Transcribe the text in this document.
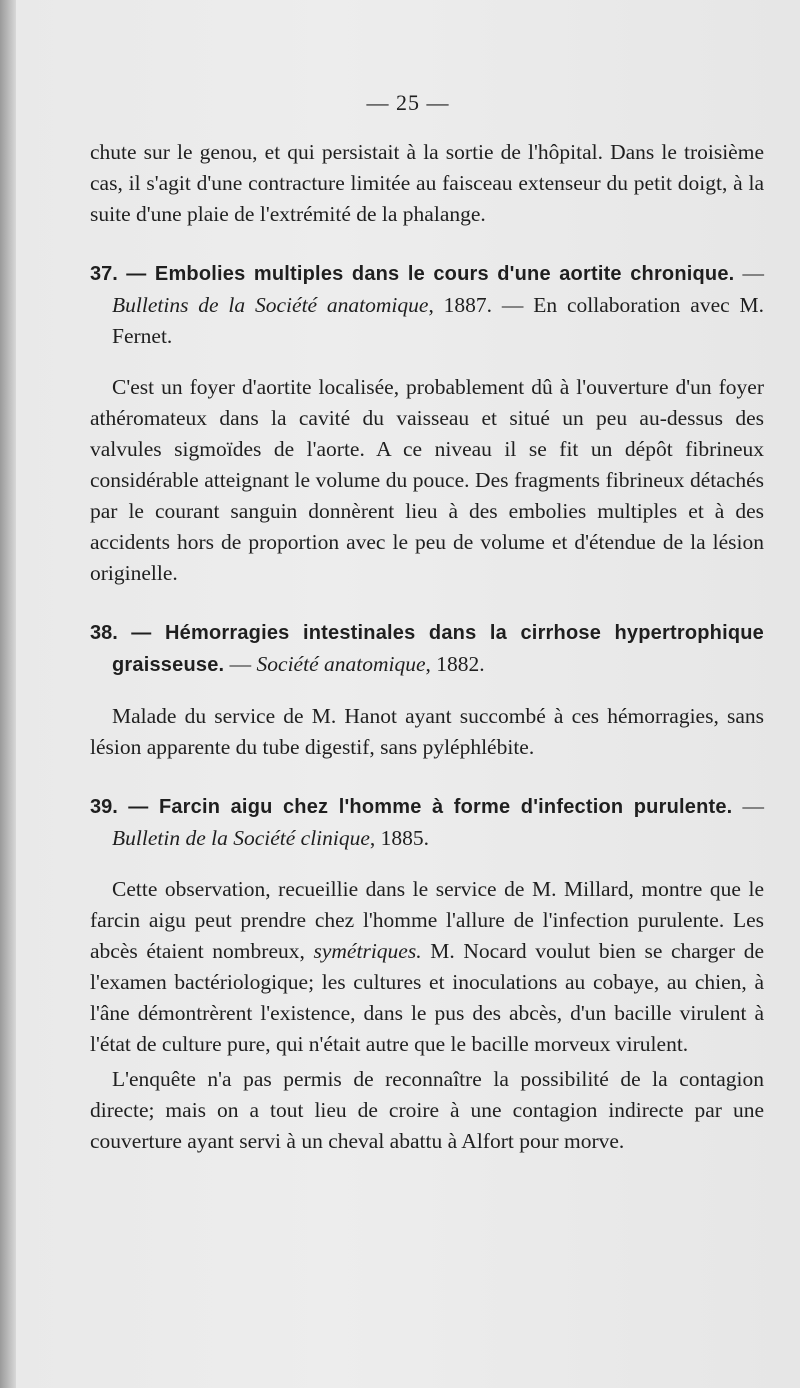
— 25 —

chute sur le genou, et qui persistait à la sortie de l'hôpital. Dans le troisième cas, il s'agit d'une contracture limitée au faisceau extenseur du petit doigt, à la suite d'une plaie de l'extrémité de la phalange.

37. — Embolies multiples dans le cours d'une aortite chronique. — Bulletins de la Société anatomique, 1887. — En collaboration avec M. Fernet.

C'est un foyer d'aortite localisée, probablement dû à l'ouverture d'un foyer athéromateux dans la cavité du vaisseau et situé un peu au-dessus des valvules sigmoïdes de l'aorte. A ce niveau il se fit un dépôt fibrineux considérable atteignant le volume du pouce. Des fragments fibrineux détachés par le courant sanguin donnèrent lieu à des embolies multiples et à des accidents hors de proportion avec le peu de volume et d'étendue de la lésion originelle.

38. — Hémorragies intestinales dans la cirrhose hypertrophique graisseuse. — Société anatomique, 1882.

Malade du service de M. Hanot ayant succombé à ces hémorragies, sans lésion apparente du tube digestif, sans pyléphlébite.

39. — Farcin aigu chez l'homme à forme d'infection purulente. — Bulletin de la Société clinique, 1885.

Cette observation, recueillie dans le service de M. Millard, montre que le farcin aigu peut prendre chez l'homme l'allure de l'infection purulente. Les abcès étaient nombreux, symétriques. M. Nocard voulut bien se charger de l'examen bactériologique; les cultures et inoculations au cobaye, au chien, à l'âne démontrèrent l'existence, dans le pus des abcès, d'un bacille virulent à l'état de culture pure, qui n'était autre que le bacille morveux virulent.

L'enquête n'a pas permis de reconnaître la possibilité de la contagion directe; mais on a tout lieu de croire à une contagion indirecte par une couverture ayant servi à un cheval abattu à Alfort pour morve.
